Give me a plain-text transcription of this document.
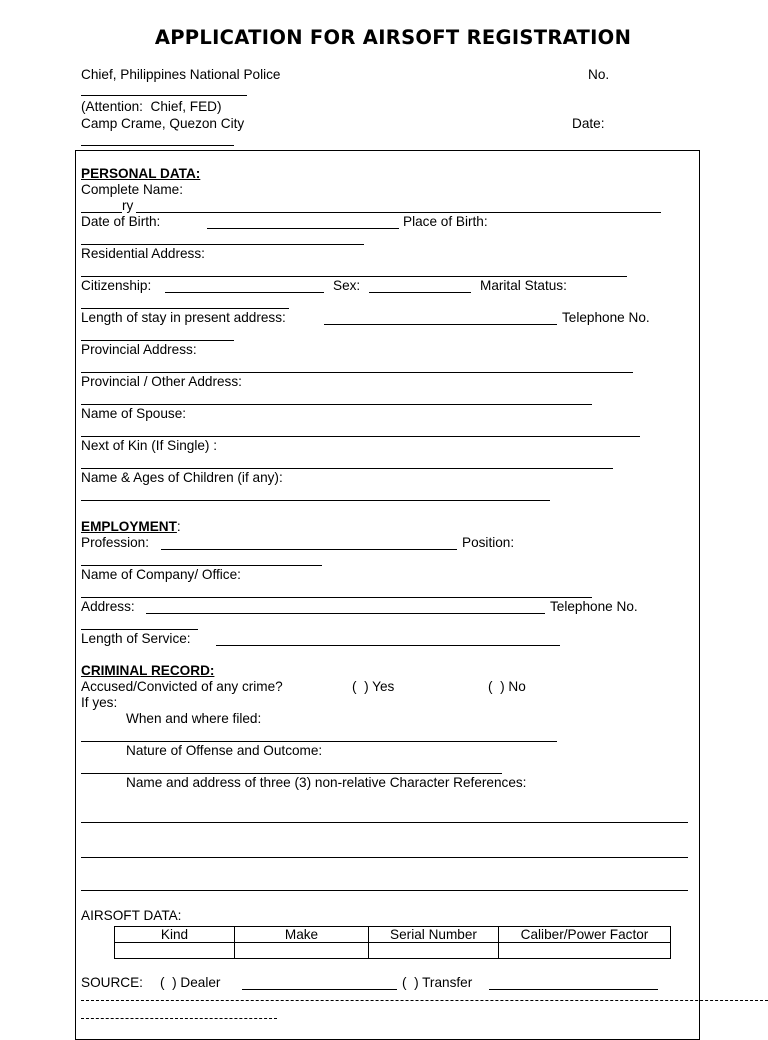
APPLICATION FOR AIRSOFT REGISTRATION
Chief, Philippines National Police	No.
(Attention:  Chief, FED)
Camp Crame, Quezon City	Date:
PERSONAL DATA:
Complete Name:
ry
Date of Birth:	Place of Birth:
Residential Address:
Citizenship:	Sex:	Marital Status:
Length of stay in present address:	Telephone No.
Provincial Address:
Provincial / Other Address:
Name of Spouse:
Next of Kin (If Single) :
Name & Ages of Children (if any):
EMPLOYMENT:
Profession:	Position:
Name of Company/ Office:
Address:	Telephone No.
Length of Service:
CRIMINAL RECORD:
Accused/Convicted of any crime?	(  ) Yes	(  ) No
If yes:
When and where filed:
Nature of Offense and Outcome:
Name and address of three (3) non-relative Character References:
AIRSOFT DATA:
Kind	Make	Serial Number	Caliber/Power Factor

SOURCE: (  ) Dealer	(  ) Transfer
